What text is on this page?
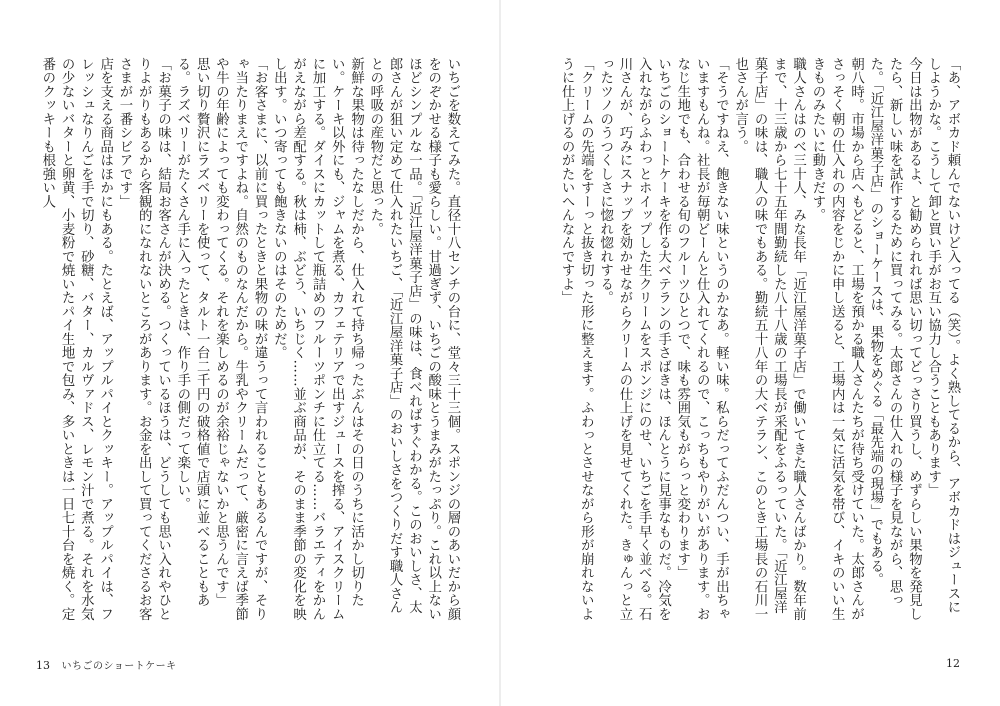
いちごを数えてみた。直径十八センチの台に、堂々三十三個。スポンジの層のあいだから顔をのぞかせる様子も愛らしい。甘過ぎず、いちごの酸味とうまみがたっぷり。これ以上ないほどシンプルな一品。「近江屋洋菓子店」の味は、食べればすぐわかる。このおいしさ、太郎さんが狙い定めて仕入れたいちご、「近江屋洋菓子店」のおいしさをつくりだす職人さんとの呼吸の産物だと思った。

新鮮な果物は待ったなしだから、仕入れて持ち帰ったぶんはその日のうちに活かし切りたい。ケーキ以外にも、ジャムを煮る、カフェテリアで出すジュースを搾る、アイスクリームに加工する。ダイスにカットして瓶詰めのフルーツポンチに仕立てる……バラエティをかんがえながら差配する。秋は柿、ぶどう、いちじく……並ぶ商品が、そのまま季節の変化を映し出す。いつ寄っても飽きないのはそのためだ。

「お客さまに、以前に買ったときと果物の味が違うって言われることもあるんですが、そりゃ当たりまえですよね。自然のものなんだから。牛乳やクリームだって、厳密に言えば季節や牛の年齢によっても変わってくる。それを楽しめるのが余裕じゃないかと思うんです」

思い切り贅沢にラズベリーを使って、タルト一台二千円の破格値で店頭に並べることもある。ラズベリーがたくさん手に入ったときは、作り手の側だって楽しい。

「お菓子の味は、結局お客さんが決める。つくっているほうは、どうしても思い入れやひとりよがりもあるから客観的になれないところがあります。お金を出して買ってくださるお客さまが一番シビアです」

店を支える商品はほかにもある。たとえば、アップルパイとクッキー。アップルパイは、フレッシュなりんごを手で切り、砂糖、バター、カルヴァドス、レモン汁で煮る。それを水気の少ないバターと卵黄、小麦粉で焼いたパイ生地で包み、多いときは一日七十台を焼く。定番のクッキーも根強い人

13 いちごのショートケーキ

「あ、アボカド頼んでないけど入ってる（笑）。よく熟してるから、アボカドはジュースにしようかな。こうして卸と買い手がお互い協力し合うこともあります」

今日は出物があるよ、と勧められれば思い切ってどっさり買うし、めずらしい果物を発見したら、新しい味を試作するために買ってみる。太郎さんの仕入れの様子を見ながら、思った。「近江屋洋菓子店」のショーケースは、果物をめぐる「最先端の現場」でもある。

朝八時。市場から店へもどると、工場を預かる職人さんたちが待ち受けていた。太郎さんがさっそく朝の仕入れの内容をじかに申し送ると、工場内は一気に活気を帯び、イキのいい生きものみたいに動きだす。

職人さんはのべ三十人、みな長年「近江屋洋菓子店」で働いてきた職人さんばかり。数年前まで、十三歳から七十五年間勤続した八十八歳の工場長が采配をふるっていた。「近江屋洋菓子店」の味は、職人の味でもある。勤続五十八年の大ベテラン、このとき工場長の石川一也さんが言う。

「そうですねえ、飽きない味というのかなあ。軽い味。私らだってふだんつい、手が出ちゃいますもんね。社長が毎朝どーんと仕入れてくれるので、こっちもやりがいがあります。おなじ生地でも、合わせる旬のフルーツひとつで、味も雰囲気もがらっと変わります」

いちごのショートケーキを作る大ベテランの手さばきは、ほんとうに見事なものだ。冷気を入れながらふわっとホイップした生クリームをスポンジにのせ、いちごを手早く並べる。石川さんが、巧みにスナップを効かせながらクリームの仕上げを見せてくれた。きゅんっと立ったツノのうつくしさに惚れ惚れする。

「クリームの先端をすーっと抜き切った形に整えます。ふわっとさせながら形が崩れないように仕上げるのがたいへんなんですよ」

12
